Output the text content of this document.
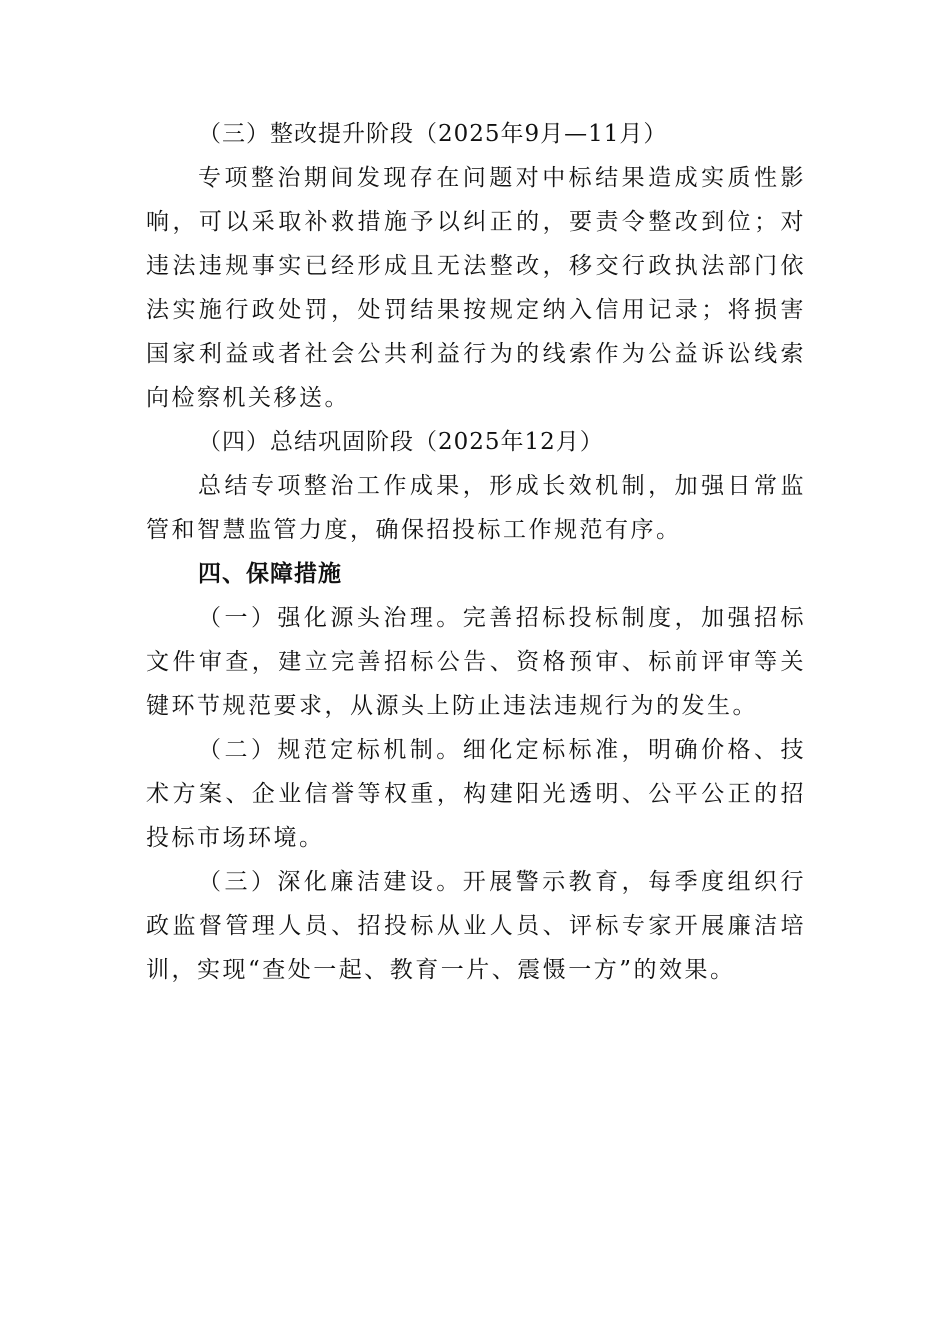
（三）整改提升阶段（2025年9月—11月）
专项整治期间发现存在问题对中标结果造成实质性影
响，可以采取补救措施予以纠正的，要责令整改到位；对
违法违规事实已经形成且无法整改，移交行政执法部门依
法实施行政处罚，处罚结果按规定纳入信用记录；将损害
国家利益或者社会公共利益行为的线索作为公益诉讼线索
向检察机关移送。
（四）总结巩固阶段（2025年12月）
总结专项整治工作成果，形成长效机制，加强日常监
管和智慧监管力度，确保招投标工作规范有序。
四、保障措施
（一）强化源头治理。完善招标投标制度，加强招标
文件审查，建立完善招标公告、资格预审、标前评审等关
键环节规范要求，从源头上防止违法违规行为的发生。
（二）规范定标机制。细化定标标准，明确价格、技
术方案、企业信誉等权重，构建阳光透明、公平公正的招
投标市场环境。
（三）深化廉洁建设。开展警示教育，每季度组织行
政监督管理人员、招投标从业人员、评标专家开展廉洁培
训，实现“查处一起、教育一片、震慑一方”的效果。
